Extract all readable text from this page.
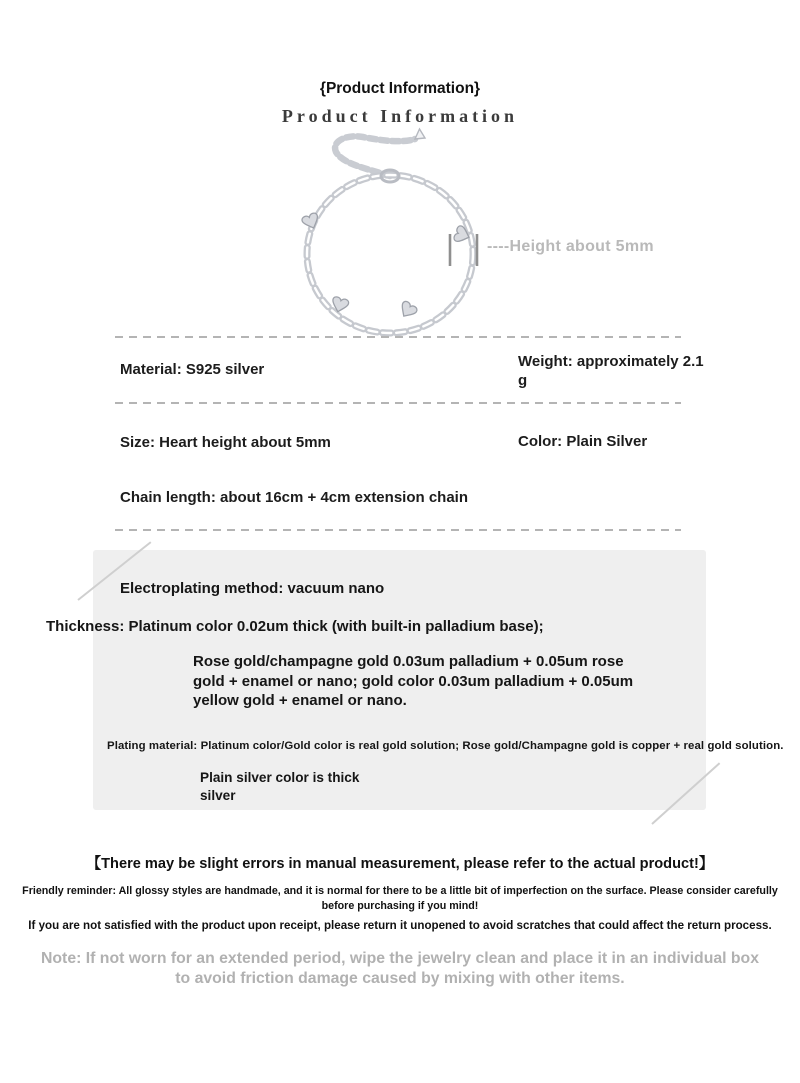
{Product Information}
Product Information
----Height about 5mm
Material: S925 silver	Weight: approximately 2.1 g
Size: Heart height about 5mm	Color: Plain Silver
Chain length: about 16cm + 4cm extension chain
Electroplating method: vacuum nano
Thickness: Platinum color 0.02um thick (with built-in palladium base);
Rose gold/champagne gold 0.03um palladium + 0.05um rose gold + enamel or nano; gold color 0.03um palladium + 0.05um yellow gold + enamel or nano.
Plating material: Platinum color/Gold color is real gold solution; Rose gold/Champagne gold is copper + real gold solution.
Plain silver color is thick silver
【There may be slight errors in manual measurement, please refer to the actual product!】
Friendly reminder: All glossy styles are handmade, and it is normal for there to be a little bit of imperfection on the surface. Please consider carefully before purchasing if you mind!
If you are not satisfied with the product upon receipt, please return it unopened to avoid scratches that could affect the return process.
Note: If not worn for an extended period, wipe the jewelry clean and place it in an individual box to avoid friction damage caused by mixing with other items.
